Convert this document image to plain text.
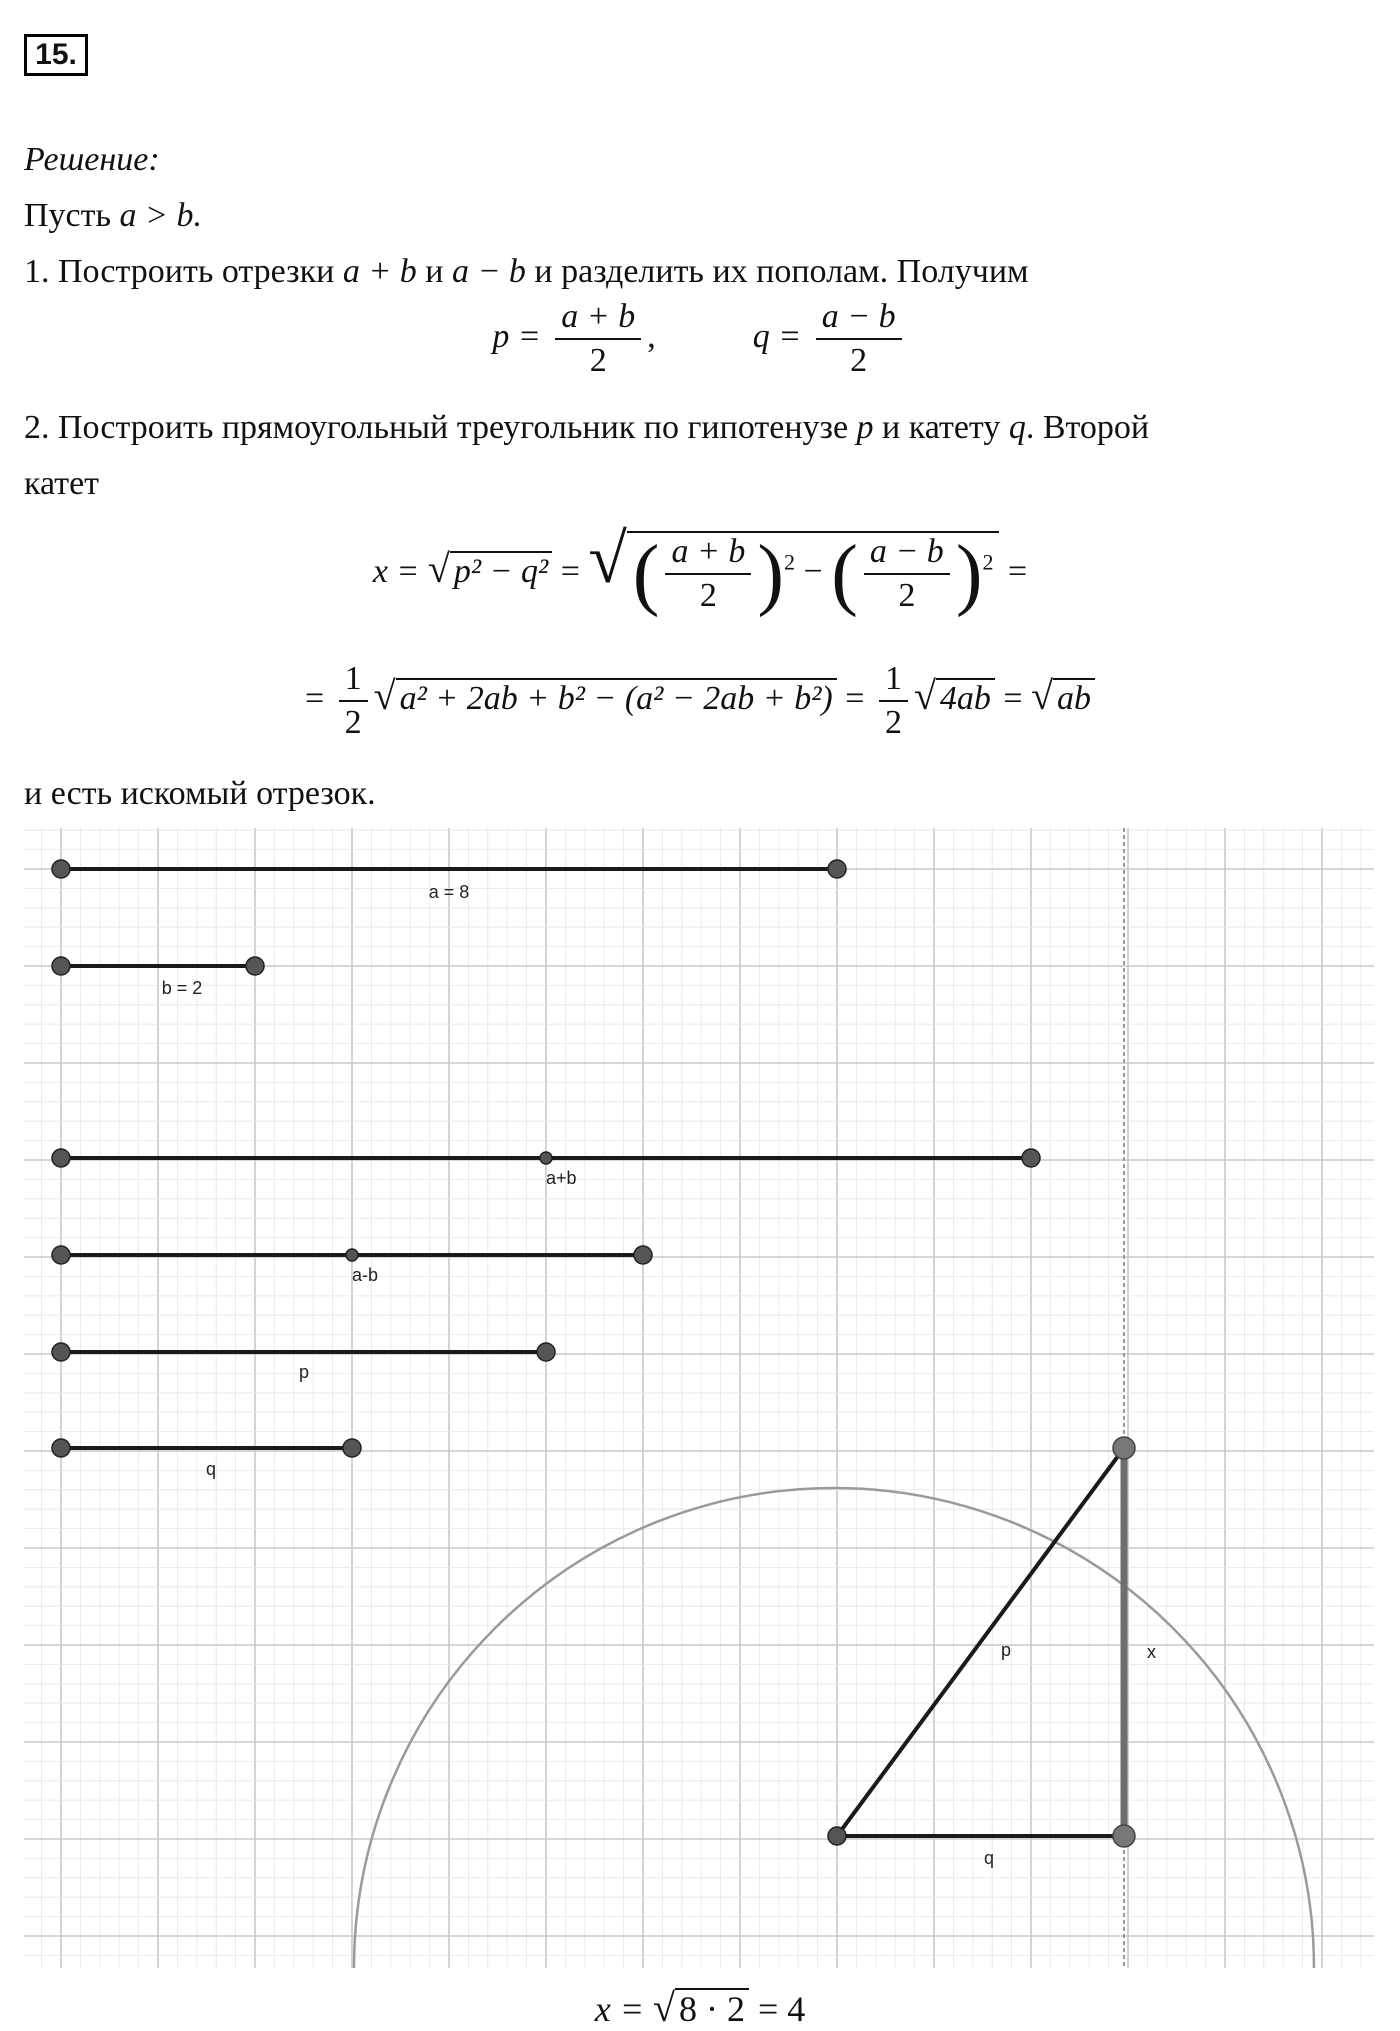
15.
Решение:
Пусть a > b.
1. Построить отрезки a + b и a − b и разделить их пополам. Получим
$p = \frac{a + b}{2}$ ,	$q = \frac{a - b}{2}$
2. Построить прямоугольный треугольник по гипотенузе p и катету q. Второй
катет
x = √ p² − q² = √( $\frac{a + b}{2} )^2$ − ( $\frac{a - b}{2} )^2$ =
= $\frac{1}{2}$ √ $a^2 + 2ab + b^2 - (a^2 - 2ab + b^2) = \frac{1}{2}$ √ 4ab = √ ab
и есть искомый отрезок.
a = 8
b = 2
a+b
a-b
p
q
p	x
q
x = √ 8 · 2 = 4
